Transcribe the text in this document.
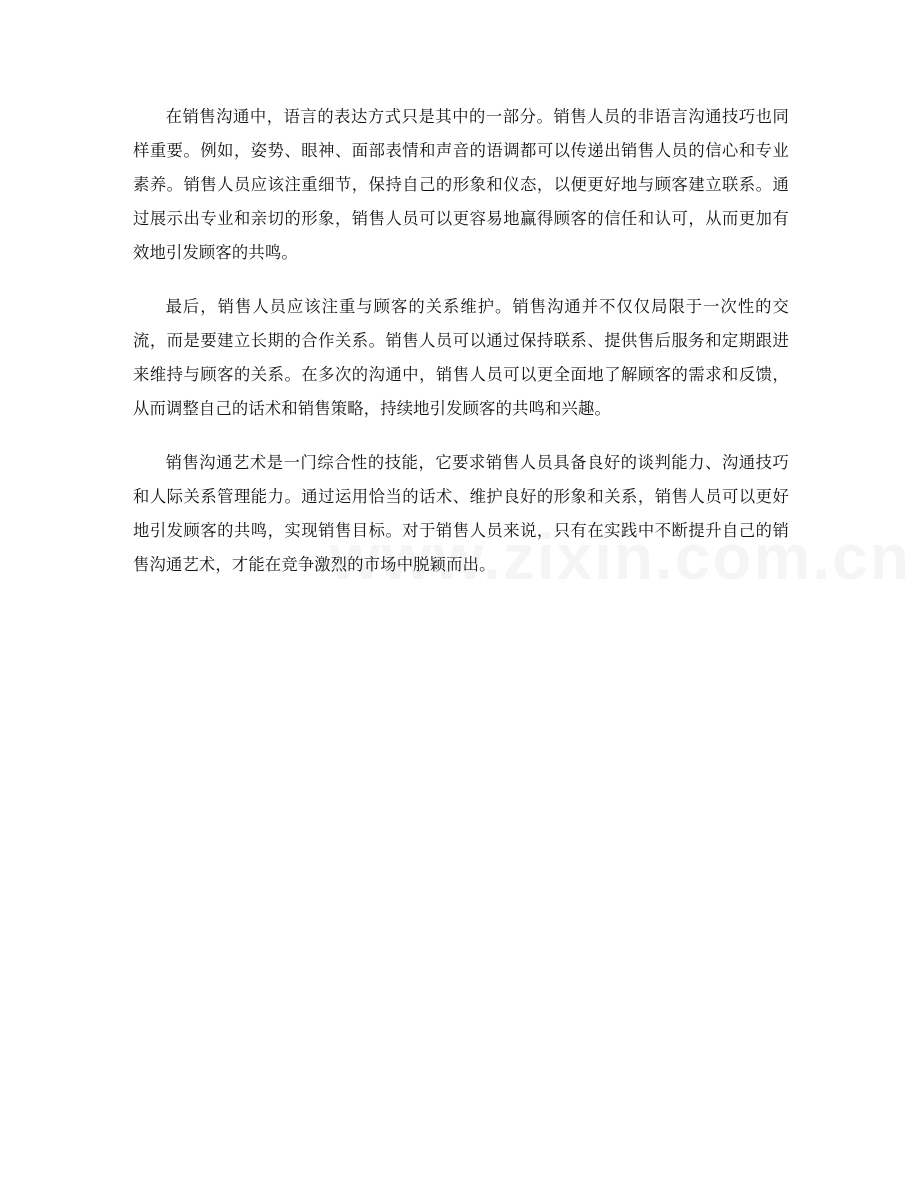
在销售沟通中，语言的表达方式只是其中的一部分。销售人员的非语言沟通技巧也同样重要。例如，姿势、眼神、面部表情和声音的语调都可以传递出销售人员的信心和专业素养。销售人员应该注重细节，保持自己的形象和仪态，以便更好地与顾客建立联系。通过展示出专业和亲切的形象，销售人员可以更容易地赢得顾客的信任和认可，从而更加有效地引发顾客的共鸣。

最后，销售人员应该注重与顾客的关系维护。销售沟通并不仅仅局限于一次性的交流，而是要建立长期的合作关系。销售人员可以通过保持联系、提供售后服务和定期跟进来维持与顾客的关系。在多次的沟通中，销售人员可以更全面地了解顾客的需求和反馈，从而调整自己的话术和销售策略，持续地引发顾客的共鸣和兴趣。

销售沟通艺术是一门综合性的技能，它要求销售人员具备良好的谈判能力、沟通技巧和人际关系管理能力。通过运用恰当的话术、维护良好的形象和关系，销售人员可以更好地引发顾客的共鸣，实现销售目标。对于销售人员来说，只有在实践中不断提升自己的销售沟通艺术，才能在竞争激烈的市场中脱颖而出。
